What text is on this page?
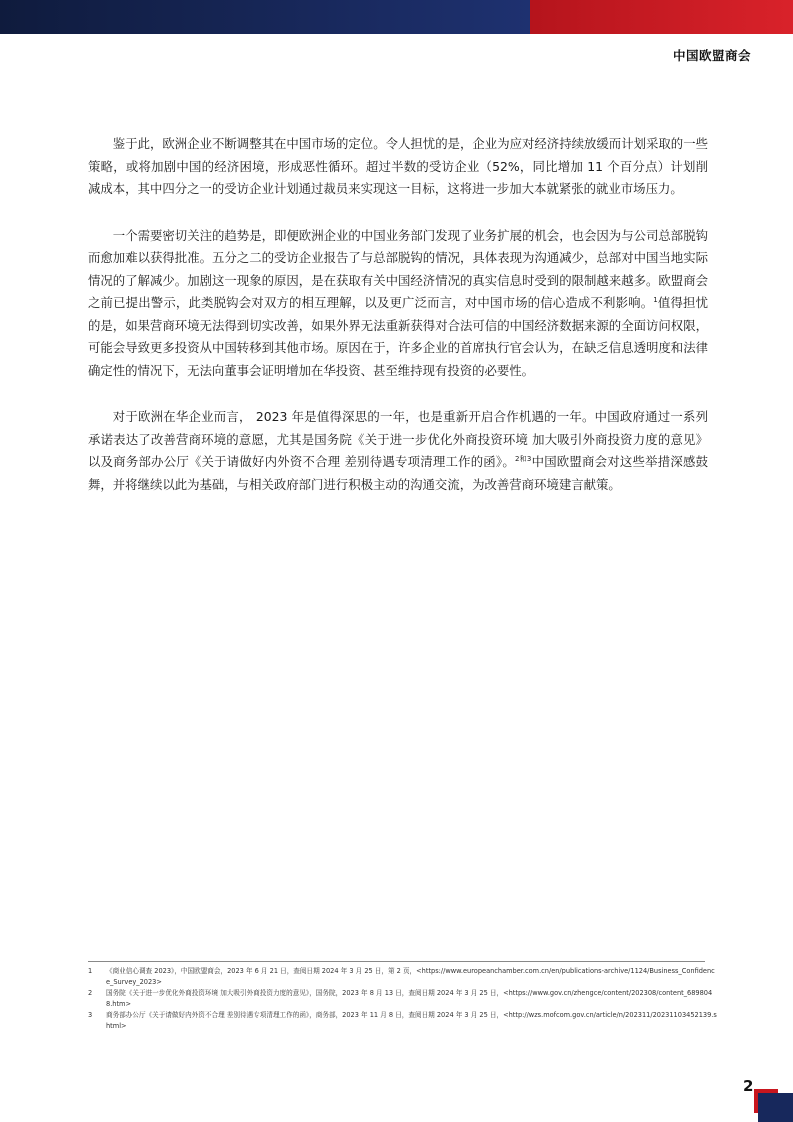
中国欧盟商会

鉴于此，欧洲企业不断调整其在中国市场的定位。令人担忧的是，企业为应对经济持续放缓而计划采取的一些策略，或将加剧中国的经济困境，形成恶性循环。超过半数的受访企业（52%，同比增加 11 个百分点）计划削减成本，其中四分之一的受访企业计划通过裁员来实现这一目标，这将进一步加大本就紧张的就业市场压力。

一个需要密切关注的趋势是，即便欧洲企业的中国业务部门发现了业务扩展的机会，也会因为与公司总部脱钩而愈加难以获得批准。五分之二的受访企业报告了与总部脱钩的情况，具体表现为沟通减少，总部对中国当地实际情况的了解减少。加剧这一现象的原因，是在获取有关中国经济情况的真实信息时受到的限制越来越多。欧盟商会之前已提出警示，此类脱钩会对双方的相互理解，以及更广泛而言，对中国市场的信心造成不利影响。$^1$值得担忧的是，如果营商环境无法得到切实改善，如果外界无法重新获得对合法可信的中国经济数据来源的全面访问权限，可能会导致更多投资从中国转移到其他市场。原因在于，许多企业的首席执行官会认为，在缺乏信息透明度和法律确定性的情况下，无法向董事会证明增加在华投资、甚至维持现有投资的必要性。

对于欧洲在华企业而言， 2023 年是值得深思的一年，也是重新开启合作机遇的一年。中国政府通过一系列承诺表达了改善营商环境的意愿，尤其是国务院《关于进一步优化外商投资环境 加大吸引外商投资力度的意见》以及商务部办公厅《关于请做好内外资不合理 差别待遇专项清理工作的函》。$^{2和3}$中国欧盟商会对这些举措深感鼓舞，并将继续以此为基础，与相关政府部门进行积极主动的沟通交流，为改善营商环境建言献策。

1	《商业信心调查 2023》，中国欧盟商会，2023 年 6 月 21 日，查阅日期 2024 年 3 月 25 日，第 2 页，<https://www.europeanchamber.com.cn/en/publications-archive/1124/Business_Confidence_Survey_2023>
2	国务院《关于进一步优化外商投资环境 加大吸引外商投资力度的意见》，国务院，2023 年 8 月 13 日，查阅日期 2024 年 3 月 25 日，<https://www.gov.cn/zhengce/content/202308/content_6898048.htm>
3	商务部办公厅《关于请做好内外资不合理 差别待遇专项清理工作的函》，商务部，2023 年 11 月 8 日，查阅日期 2024 年 3 月 25 日，<http://wzs.mofcom.gov.cn/article/n/202311/20231103452139.shtml>
2
